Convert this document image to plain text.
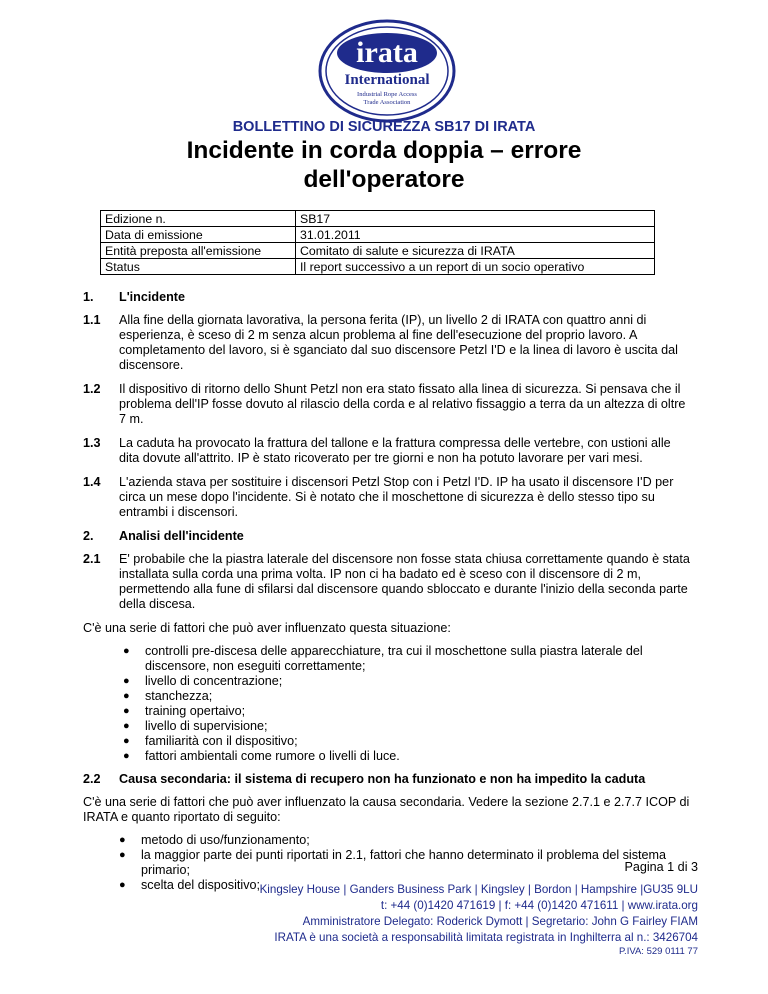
irata
International
Industrial Rope Access
Trade Association
BOLLETTINO DI SICUREZZA SB17 DI IRATA
Incidente in corda doppia – errore
dell'operatore
Edizione n.	SB17
Data di emissione	31.01.2011
Entità preposta all'emissione	Comitato di salute e sicurezza di IRATA
Status	Il report successivo a un report di un socio operativo
1. L'incidente
1.1 Alla fine della giornata lavorativa, la persona ferita (IP), un livello 2 di IRATA con quattro anni di esperienza, è sceso di 2 m senza alcun problema al fine dell'esecuzione del proprio lavoro. A completamento del lavoro, si è sganciato dal suo discensore Petzl I'D e la linea di lavoro è uscita dal discensore.
1.2 Il dispositivo di ritorno dello Shunt Petzl non era stato fissato alla linea di sicurezza. Si pensava che il problema dell'IP fosse dovuto al rilascio della corda e al relativo fissaggio a terra da un altezza di oltre 7 m.
1.3 La caduta ha provocato la frattura del tallone e la frattura compressa delle vertebre, con ustioni alle dita dovute all'attrito. IP è stato ricoverato per tre giorni e non ha potuto lavorare per vari mesi.
1.4 L'azienda stava per sostituire i discensori Petzl Stop con i Petzl I'D. IP ha usato il discensore I'D per circa un mese dopo l'incidente. Si è notato che il moschettone di sicurezza è dello stesso tipo su entrambi i discensori.
2. Analisi dell'incidente
2.1 E' probabile che la piastra laterale del discensore non fosse stata chiusa correttamente quando è stata installata sulla corda una prima volta. IP non ci ha badato ed è sceso con il discensore di 2 m, permettendo alla fune di sfilarsi dal discensore quando sbloccato e durante l'inizio della seconda parte della discesa.
C'è una serie di fattori che può aver influenzato questa situazione:
● controlli pre-discesa delle apparecchiature, tra cui il moschettone sulla piastra laterale del discensore, non eseguiti correttamente;
● livello di concentrazione;
● stanchezza;
● training opertaivo;
● livello di supervisione;
● familiarità con il dispositivo;
● fattori ambientali come rumore o livelli di luce.
2.2 Causa secondaria: il sistema di recupero non ha funzionato e non ha impedito la caduta
C'è una serie di fattori che può aver influenzato la causa secondaria. Vedere la sezione 2.7.1 e 2.7.7 ICOP di IRATA e quanto riportato di seguito:
● metodo di uso/funzionamento;
● la maggior parte dei punti riportati in 2.1, fattori che hanno determinato il problema del sistema primario;
● scelta del dispositivo;
Pagina 1 di 3
Kingsley House | Ganders Business Park | Kingsley | Bordon | Hampshire |GU35 9LU
t: +44 (0)1420 471619 | f: +44 (0)1420 471611 | www.irata.org
Amministratore Delegato: Roderick Dymott | Segretario: John G Fairley FIAM
IRATA è una società a responsabilità limitata registrata in Inghilterra al n.: 3426704
P.IVA: 529 0111 77
